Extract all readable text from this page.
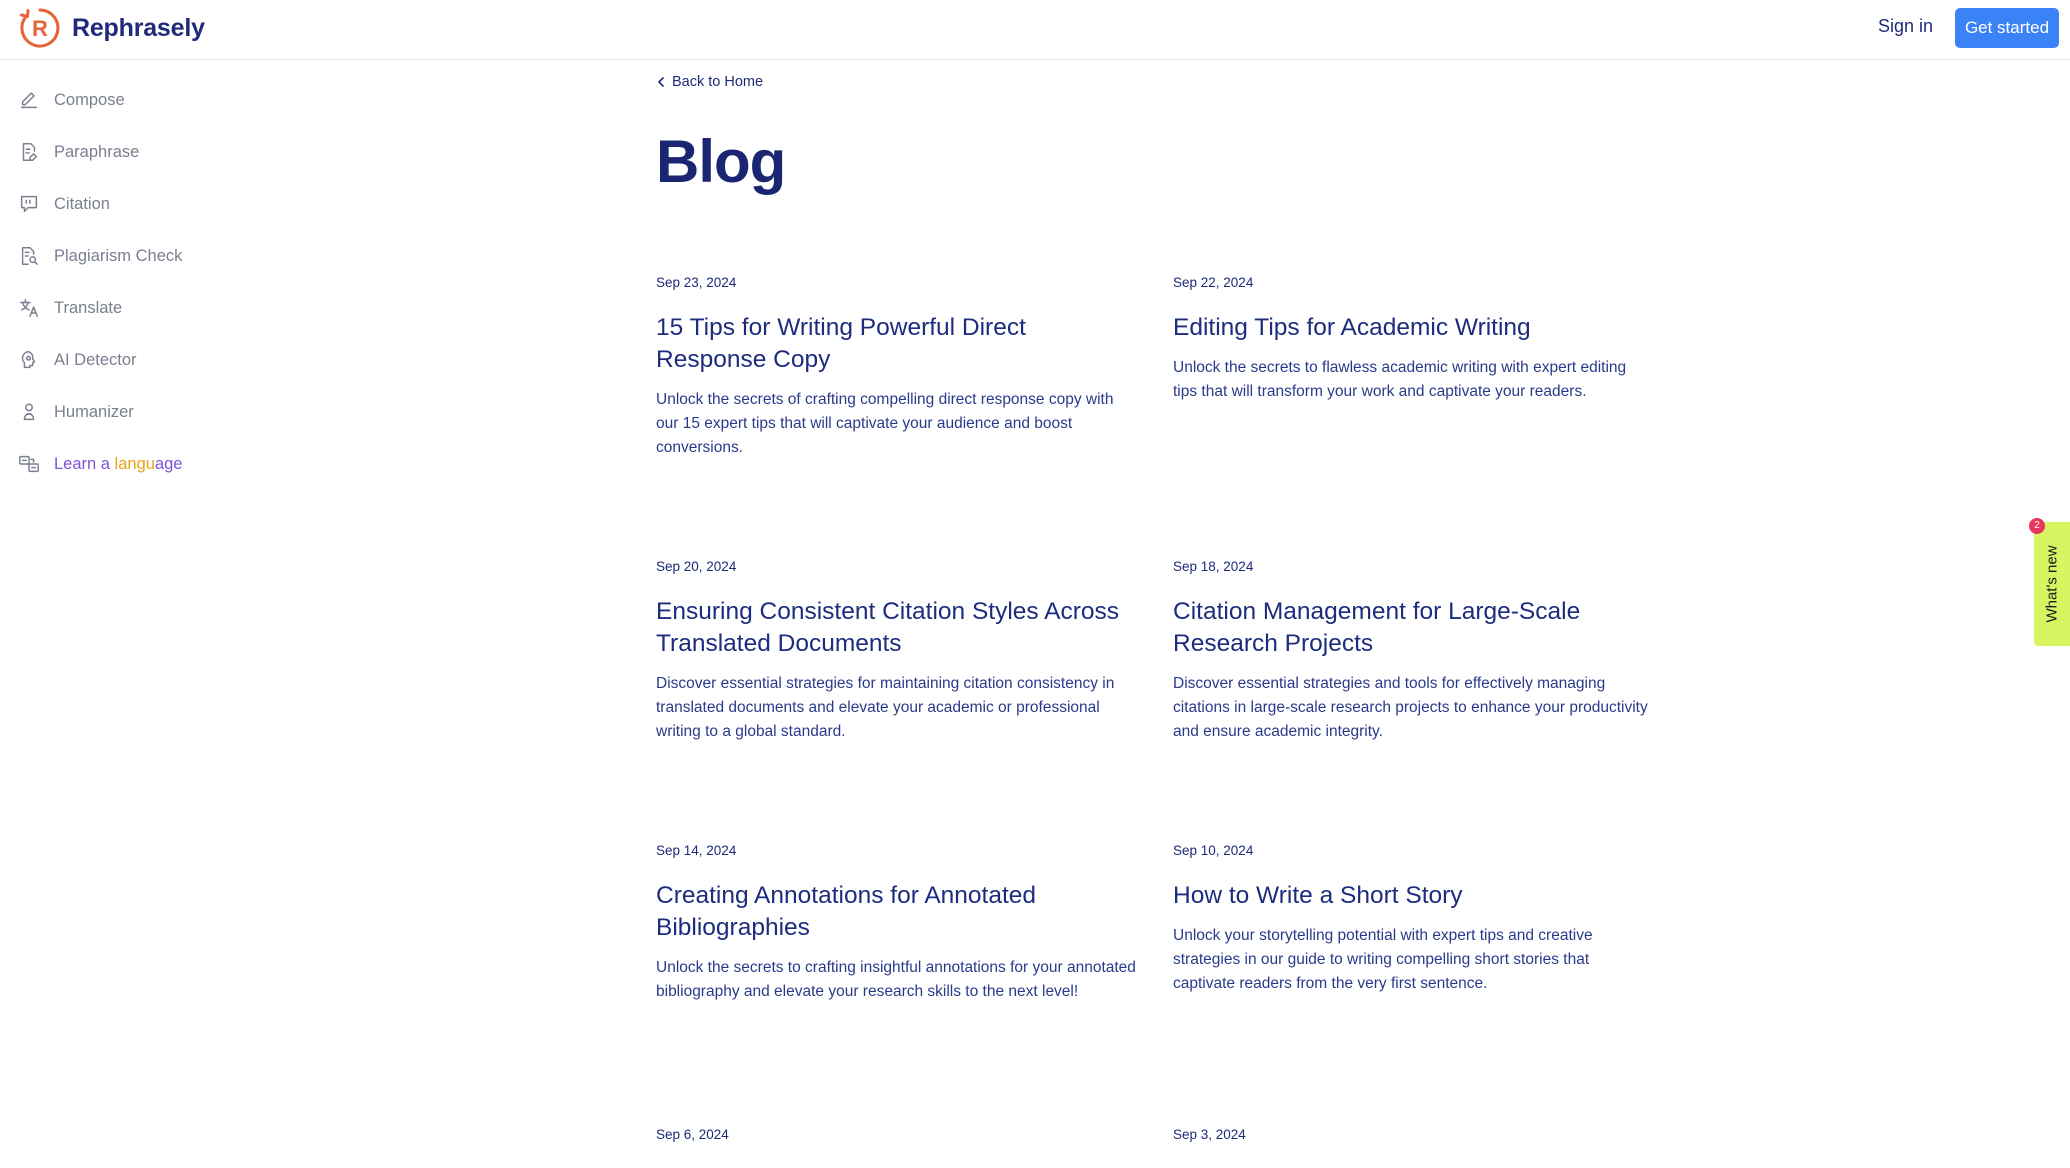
R Rephrasely	Sign in	Get started
Compose
Paraphrase
Citation
Plagiarism Check
Translate
AI Detector
Humanizer
Learn a language
Back to Home
Blog
Sep 23, 2024
15 Tips for Writing Powerful Direct Response Copy
Unlock the secrets of crafting compelling direct response copy with our 15 expert tips that will captivate your audience and boost conversions.
Sep 22, 2024
Editing Tips for Academic Writing
Unlock the secrets to flawless academic writing with expert editing tips that will transform your work and captivate your readers.
Sep 20, 2024
Ensuring Consistent Citation Styles Across Translated Documents
Discover essential strategies for maintaining citation consistency in translated documents and elevate your academic or professional writing to a global standard.
Sep 18, 2024
Citation Management for Large-Scale Research Projects
Discover essential strategies and tools for effectively managing citations in large-scale research projects to enhance your productivity and ensure academic integrity.
Sep 14, 2024
Creating Annotations for Annotated Bibliographies
Unlock the secrets to crafting insightful annotations for your annotated bibliography and elevate your research skills to the next level!
Sep 10, 2024
How to Write a Short Story
Unlock your storytelling potential with expert tips and creative strategies in our guide to writing compelling short stories that captivate readers from the very first sentence.
Sep 6, 2024	Sep 3, 2024
What's new
2
